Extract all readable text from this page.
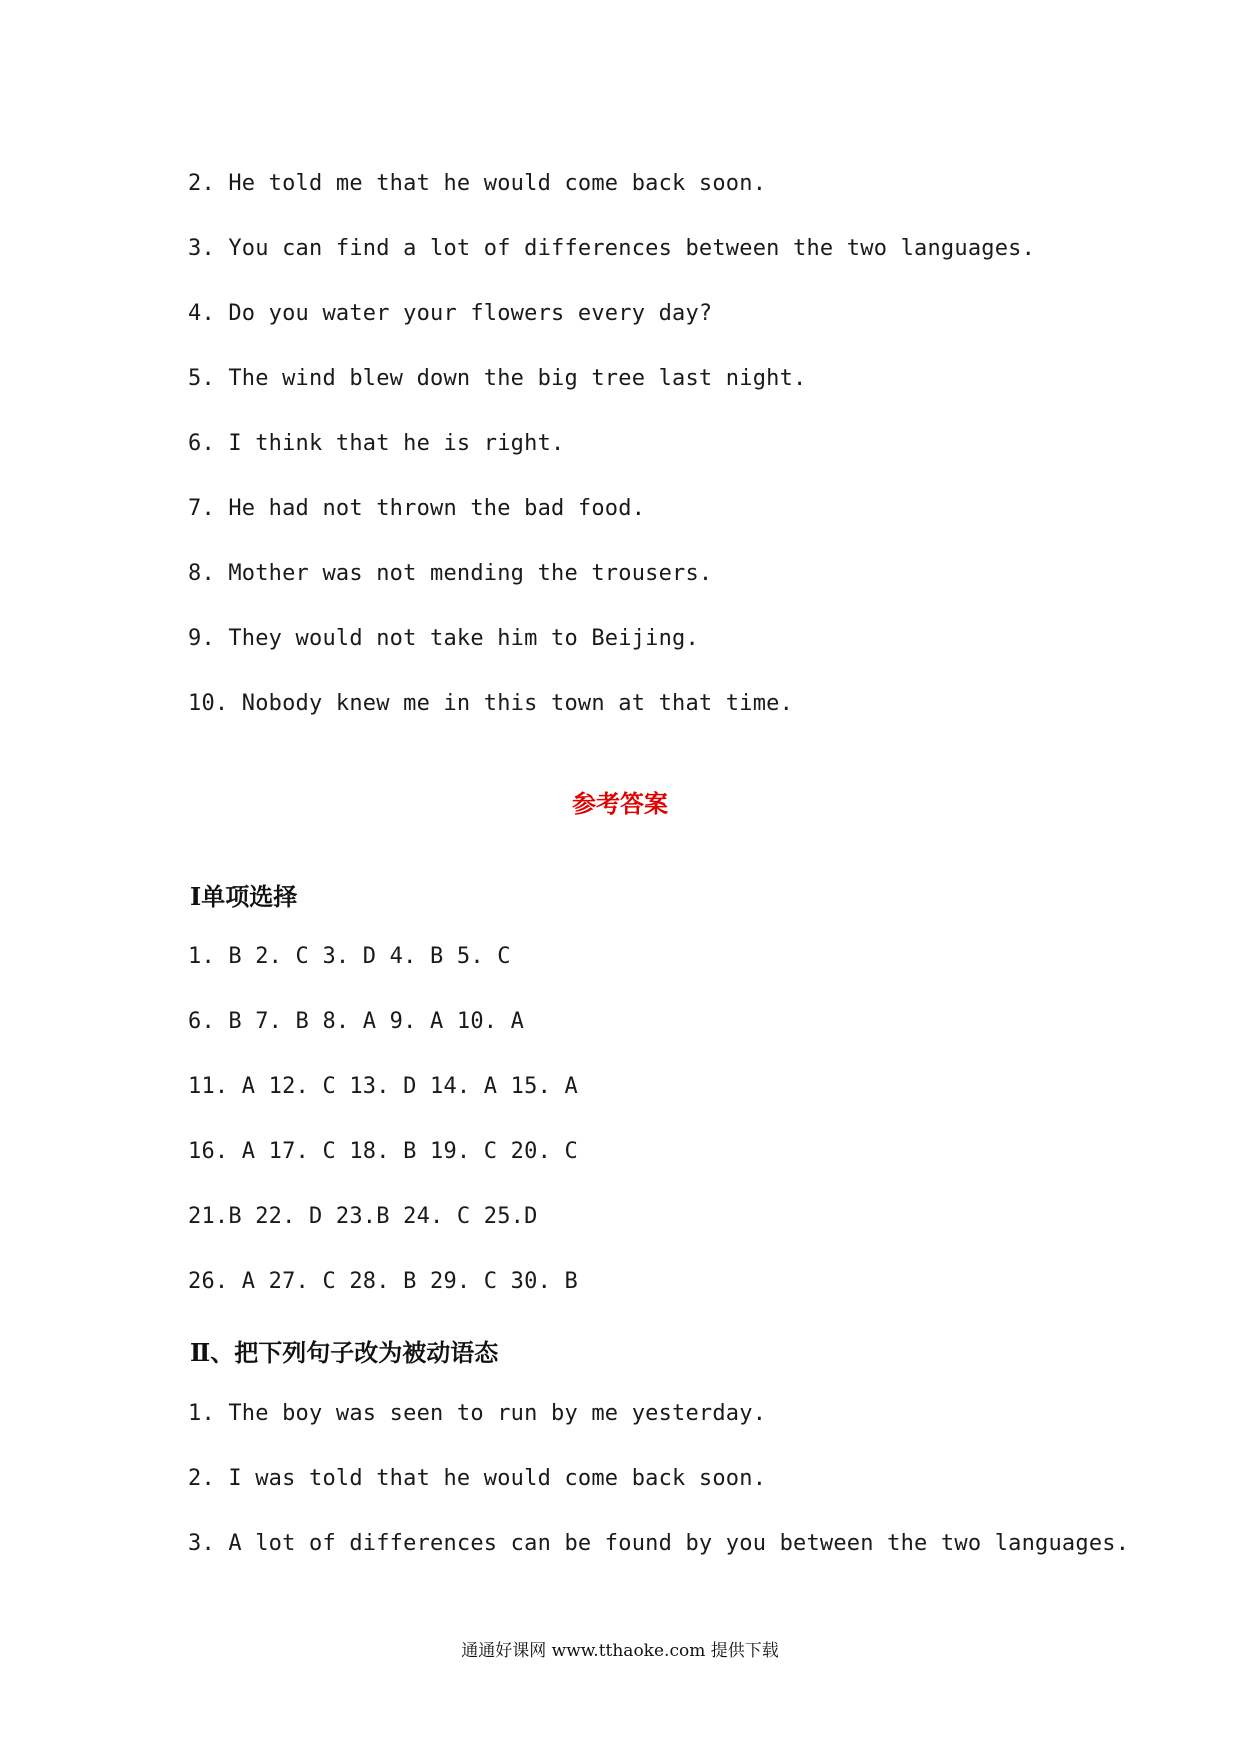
2. He told me that he would come back soon.
3. You can find a lot of differences between the two languages.
4. Do you water your flowers every day?
5. The wind blew down the big tree last night.
6. I think that he is right.
7. He had not thrown the bad food.
8. Mother was not mending the trousers.
9. They would not take him to Beijing.
10. Nobody knew me in this town at that time.
参考答案
Ⅰ单项选择
1. B 2. C 3. D 4. B 5. C
6. B 7. B 8. A 9. A 10. A
11. A 12. C 13. D 14. A 15. A
16. A 17. C 18. B 19. C 20. C
21.B 22. D 23.B 24. C 25.D
26. A 27. C 28. B 29. C 30. B
Ⅱ、把下列句子改为被动语态
1. The boy was seen to run by me yesterday.
2. I was told that he would come back soon.
3. A lot of differences can be found by you between the two languages.
通通好课网 www.tthaoke.com 提供下载
